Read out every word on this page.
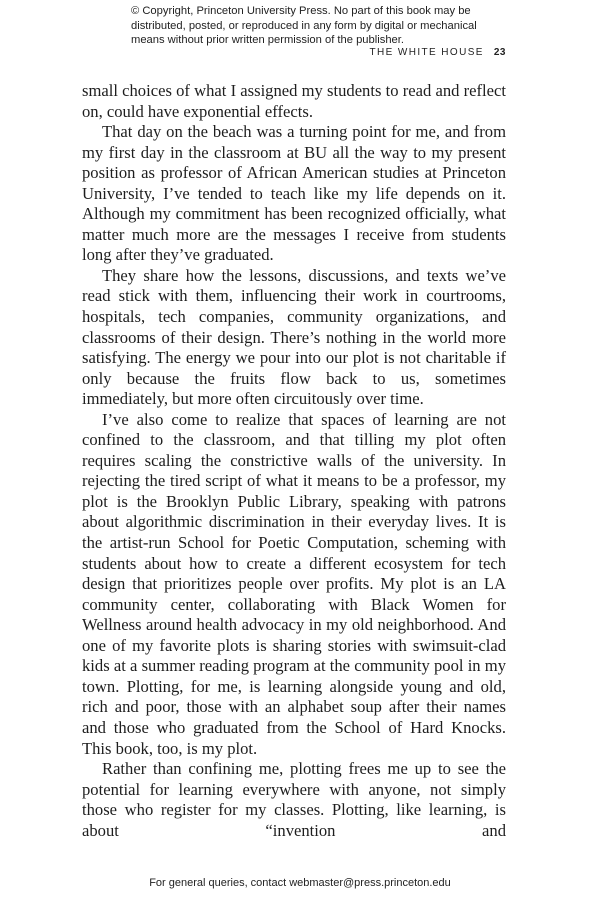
© Copyright, Princeton University Press. No part of this book may be distributed, posted, or reproduced in any form by digital or mechanical means without prior written permission of the publisher.
THE WHITE HOUSE 23

small choices of what I assigned my students to read and reflect on, could have exponential effects.

That day on the beach was a turning point for me, and from my first day in the classroom at BU all the way to my present position as professor of African American studies at Princeton University, I’ve tended to teach like my life depends on it. Although my commitment has been recognized officially, what matter much more are the messages I receive from students long after they’ve graduated.

They share how the lessons, discussions, and texts we’ve read stick with them, influencing their work in courtrooms, hospitals, tech companies, community organizations, and classrooms of their design. There’s nothing in the world more satisfying. The energy we pour into our plot is not charitable if only because the fruits flow back to us, sometimes immediately, but more often circuitously over time.

I’ve also come to realize that spaces of learning are not confined to the classroom, and that tilling my plot often requires scaling the constrictive walls of the university. In rejecting the tired script of what it means to be a professor, my plot is the Brooklyn Public Library, speaking with patrons about algorithmic discrimination in their everyday lives. It is the artist-run School for Poetic Computation, scheming with students about how to create a different ecosystem for tech design that prioritizes people over profits. My plot is an LA community center, collaborating with Black Women for Wellness around health advocacy in my old neighborhood. And one of my favorite plots is sharing stories with swimsuit-clad kids at a summer reading program at the community pool in my town. Plotting, for me, is learning alongside young and old, rich and poor, those with an alphabet soup after their names and those who graduated from the School of Hard Knocks. This book, too, is my plot.

Rather than confining me, plotting frees me up to see the potential for learning everywhere with anyone, not simply those who register for my classes. Plotting, like learning, is about “invention and

For general queries, contact webmaster@press.princeton.edu
